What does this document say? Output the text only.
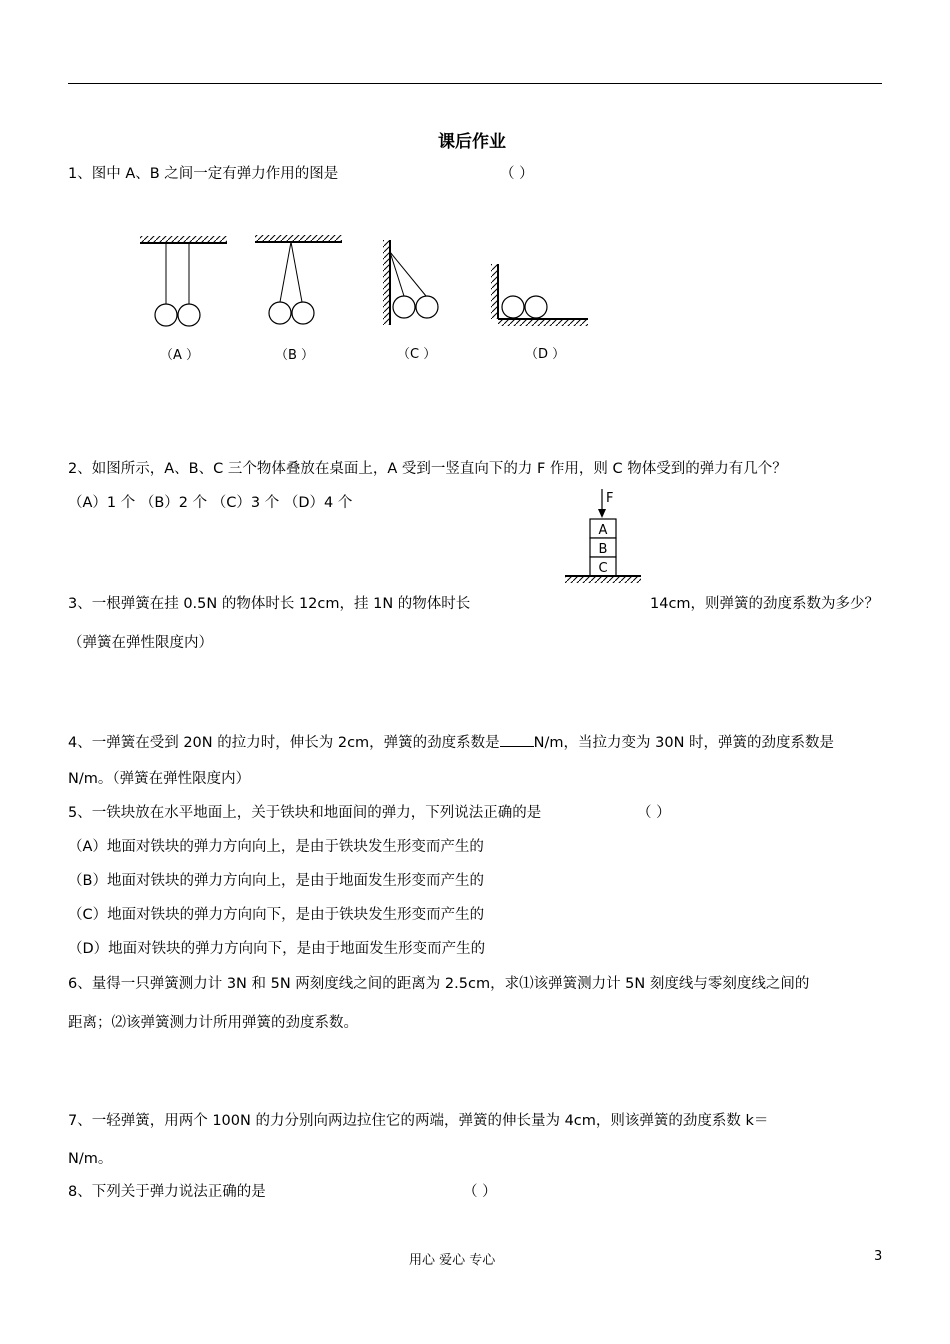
课后作业
1、图中 A、B 之间一定有弹力作用的图是	（ ）
（A ）	（B ）	（C ）	（D ）
2、如图所示，A、B、C 三个物体叠放在桌面上，A 受到一竖直向下的力 F 作用，则 C 物体受到的弹力有几个？
（A）1 个 （B）2 个 （C）3 个 （D）4 个	F
A
B
C
3、一根弹簧在挂 0.5N 的物体时长 12cm，挂 1N 的物体时长	14cm，则弹簧的劲度系数为多少？
（弹簧在弹性限度内）
4、一弹簧在受到 20N 的拉力时，伸长为 2cm，弹簧的劲度系数是 N/m，当拉力变为 30N 时，弹簧的劲度系数是
N/m。（弹簧在弹性限度内）
5、一铁块放在水平地面上，关于铁块和地面间的弹力，下列说法正确的是	（ ）
（A）地面对铁块的弹力方向向上，是由于铁块发生形变而产生的
（B）地面对铁块的弹力方向向上，是由于地面发生形变而产生的
（C）地面对铁块的弹力方向向下，是由于铁块发生形变而产生的
（D）地面对铁块的弹力方向向下，是由于地面发生形变而产生的
6、量得一只弹簧测力计 3N 和 5N 两刻度线之间的距离为 2.5cm，求⑴该弹簧测力计 5N 刻度线与零刻度线之间的
距离；⑵该弹簧测力计所用弹簧的劲度系数。
7、一轻弹簧，用两个 100N 的力分别向两边拉住它的两端，弹簧的伸长量为 4cm，则该弹簧的劲度系数 k＝
N/m。
8、下列关于弹力说法正确的是	（ ）
用心 爱心 专心	3
